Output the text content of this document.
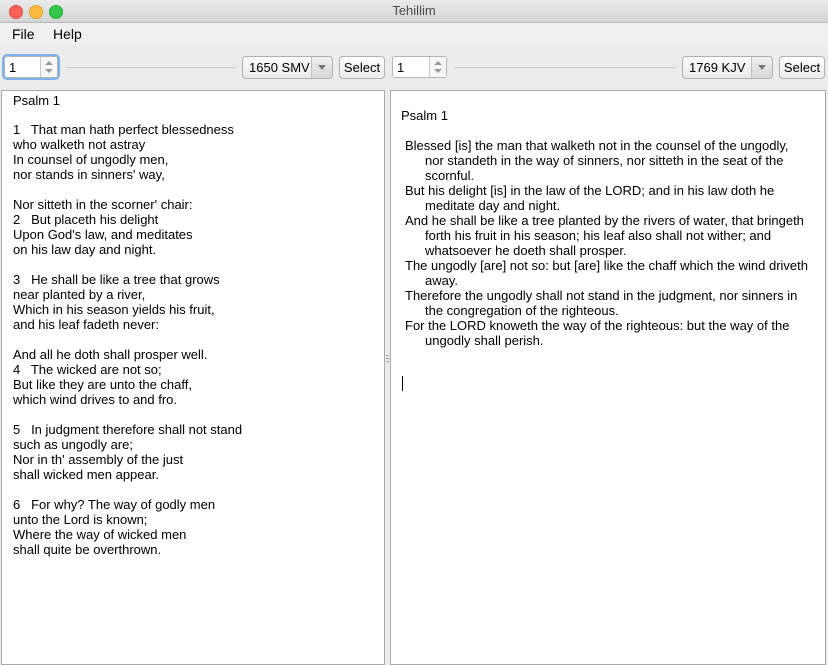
Tehillim
File Help
1	1650 SMV	Select	1	1769 KJV	Select
Psalm 1
1   That man hath perfect blessedness
who walketh not astray
In counsel of ungodly men,
nor stands in sinners' way,
Nor sitteth in the scorner' chair:
2   But placeth his delight
Upon God's law, and meditates
on his law day and night.
3   He shall be like a tree that grows
near planted by a river,
Which in his season yields his fruit,
and his leaf fadeth never:
And all he doth shall prosper well.
4   The wicked are not so;
But like they are unto the chaff,
which wind drives to and fro.
5   In judgment therefore shall not stand
such as ungodly are;
Nor in th' assembly of the just
shall wicked men appear.
6   For why? The way of godly men
unto the Lord is known;
Where the way of wicked men
shall quite be overthrown.
Psalm 1
Blessed [is] the man that walketh not in the counsel of the ungodly, nor standeth in the way of sinners, nor sitteth in the seat of the scornful.
But his delight [is] in the law of the LORD; and in his law doth he meditate day and night.
And he shall be like a tree planted by the rivers of water, that bringeth forth his fruit in his season; his leaf also shall not wither; and whatsoever he doeth shall prosper.
The ungodly [are] not so: but [are] like the chaff which the wind driveth away.
Therefore the ungodly shall not stand in the judgment, nor sinners in the congregation of the righteous.
For the LORD knoweth the way of the righteous: but the way of the ungodly shall perish.
